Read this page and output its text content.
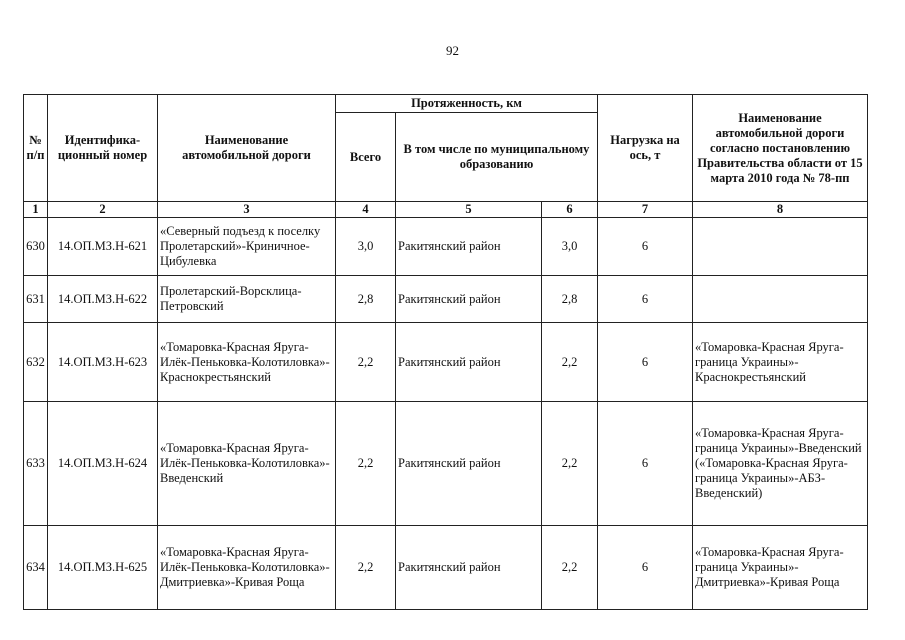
92
№ п/п	Идентифика-ционный номер	Наименование автомобильной дороги	Протяженность, км			Нагрузка на ось, т	Наименование автомобильной дороги согласно постановлению Правительства области от 15 марта 2010 года № 78-пп
			Всего	В том числе по муниципальному образованию			
1	2	3	4	5	6	7	8
630	14.ОП.МЗ.Н-621	«Северный подъезд к поселку Пролетарский»-Криничное-Цибулевка	3,0	Ракитянский район	3,0	6	
631	14.ОП.МЗ.Н-622	Пролетарский-Ворсклица-Петровский	2,8	Ракитянский район	2,8	6	
632	14.ОП.МЗ.Н-623	«Томаровка-Красная Яруга-Илёк-Пеньковка-Колотиловка»-Краснокрестьянский	2,2	Ракитянский район	2,2	6	«Томаровка-Красная Яруга-граница Украины»-Краснокрестьянский
633	14.ОП.МЗ.Н-624	«Томаровка-Красная Яруга-Илёк-Пеньковка-Колотиловка»-Введенский	2,2	Ракитянский район	2,2	6	«Томаровка-Красная Яруга-граница Украины»-Введенский («Томаровка-Красная Яруга-граница Украины»-АБЗ-Введенский)
634	14.ОП.МЗ.Н-625	«Томаровка-Красная Яруга-Илёк-Пеньковка-Колотиловка»-Дмитриевка»-Кривая Роща	2,2	Ракитянский район	2,2	6	«Томаровка-Красная Яруга-граница Украины»-Дмитриевка»-Кривая Роща
